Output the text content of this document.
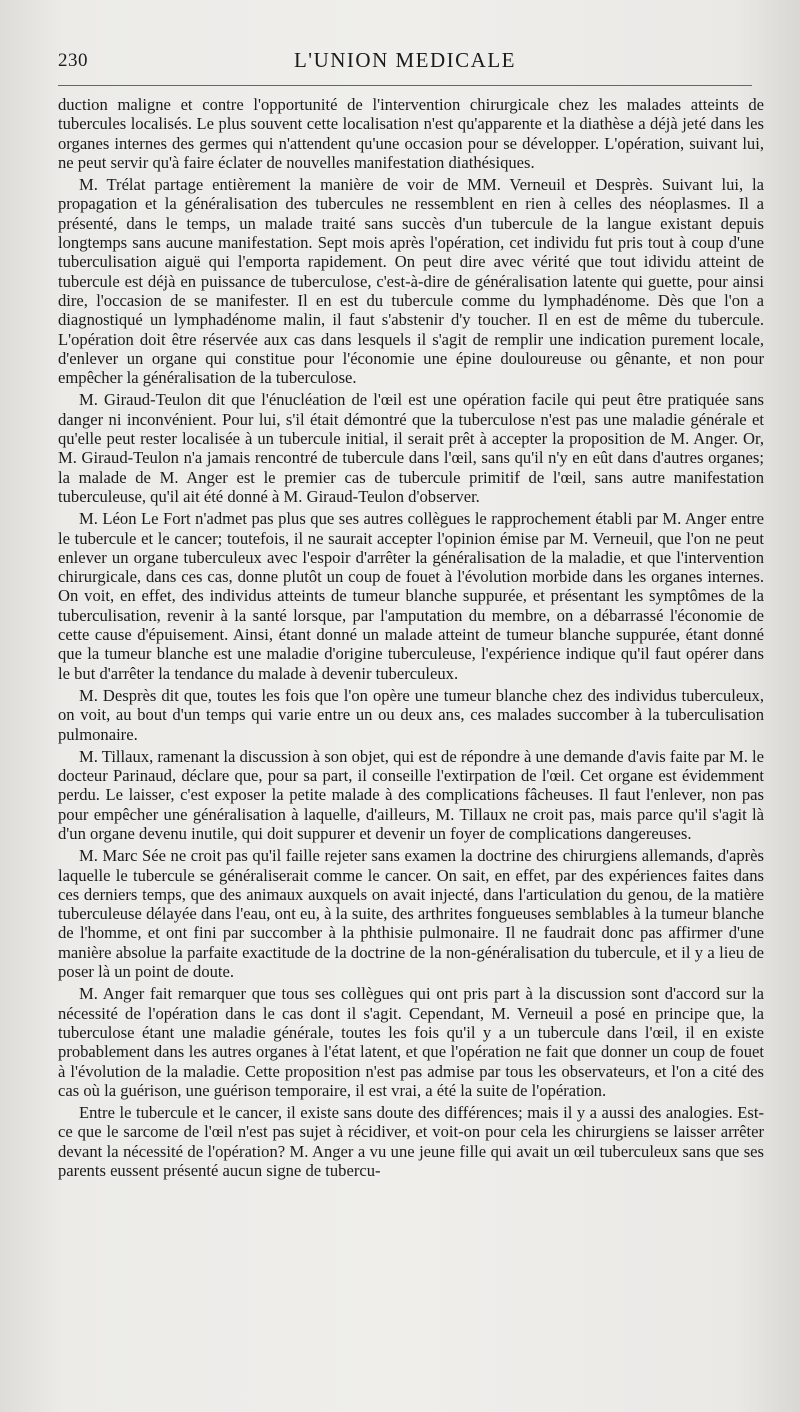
230	L'UNION MEDICALE

duction maligne et contre l'opportunité de l'intervention chirurgicale chez les malades atteints de tubercules localisés. Le plus souvent cette localisation n'est qu'apparente et la diathèse a déjà jeté dans les organes internes des germes qui n'attendent qu'une occasion pour se développer. L'opération, suivant lui, ne peut servir qu'à faire éclater de nouvelles manifestation diathésiques.

M. Trélat partage entièrement la manière de voir de MM. Verneuil et Desprès. Suivant lui, la propagation et la généralisation des tubercules ne ressemblent en rien à celles des néoplasmes. Il a présenté, dans le temps, un malade traité sans succès d'un tubercule de la langue existant depuis longtemps sans aucune manifestation. Sept mois après l'opération, cet individu fut pris tout à coup d'une tuberculisation aiguë qui l'emporta rapidement. On peut dire avec vérité que tout idividu atteint de tubercule est déjà en puissance de tuberculose, c'est-à-dire de généralisation latente qui guette, pour ainsi dire, l'occasion de se manifester. Il en est du tubercule comme du lymphadénome. Dès que l'on a diagnostiqué un lymphadénome malin, il faut s'abstenir d'y toucher. Il en est de même du tubercule. L'opération doit être réservée aux cas dans lesquels il s'agit de remplir une indication purement locale, d'enlever un organe qui constitue pour l'économie une épine douloureuse ou gênante, et non pour empêcher la généralisation de la tuberculose.

M. Giraud-Teulon dit que l'énucléation de l'œil est une opération facile qui peut être pratiquée sans danger ni inconvénient. Pour lui, s'il était démontré que la tuberculose n'est pas une maladie générale et qu'elle peut rester localisée à un tubercule initial, il serait prêt à accepter la proposition de M. Anger. Or, M. Giraud-Teulon n'a jamais rencontré de tubercule dans l'œil, sans qu'il n'y en eût dans d'autres organes; la malade de M. Anger est le premier cas de tubercule primitif de l'œil, sans autre manifestation tuberculeuse, qu'il ait été donné à M. Giraud-Teulon d'observer.

M. Léon Le Fort n'admet pas plus que ses autres collègues le rapprochement établi par M. Anger entre le tubercule et le cancer; toutefois, il ne saurait accepter l'opinion émise par M. Verneuil, que l'on ne peut enlever un organe tuberculeux avec l'espoir d'arrêter la généralisation de la maladie, et que l'intervention chirurgicale, dans ces cas, donne plutôt un coup de fouet à l'évolution morbide dans les organes internes. On voit, en effet, des individus atteints de tumeur blanche suppurée, et présentant les symptômes de la tuberculisation, revenir à la santé lorsque, par l'amputation du membre, on a débarrassé l'économie de cette cause d'épuisement. Ainsi, étant donné un malade atteint de tumeur blanche suppurée, étant donné que la tumeur blanche est une maladie d'origine tuberculeuse, l'expérience indique qu'il faut opérer dans le but d'arrêter la tendance du malade à devenir tuberculeux.

M. Desprès dit que, toutes les fois que l'on opère une tumeur blanche chez des individus tuberculeux, on voit, au bout d'un temps qui varie entre un ou deux ans, ces malades succomber à la tuberculisation pulmonaire.

M. Tillaux, ramenant la discussion à son objet, qui est de répondre à une demande d'avis faite par M. le docteur Parinaud, déclare que, pour sa part, il conseille l'extirpation de l'œil. Cet organe est évidemment perdu. Le laisser, c'est exposer la petite malade à des complications fâcheuses. Il faut l'enlever, non pas pour empêcher une généralisation à laquelle, d'ailleurs, M. Tillaux ne croit pas, mais parce qu'il s'agit là d'un organe devenu inutile, qui doit suppurer et devenir un foyer de complications dangereuses.

M. Marc Sée ne croit pas qu'il faille rejeter sans examen la doctrine des chirurgiens allemands, d'après laquelle le tubercule se généraliserait comme le cancer. On sait, en effet, par des expériences faites dans ces derniers temps, que des animaux auxquels on avait injecté, dans l'articulation du genou, de la matière tuberculeuse délayée dans l'eau, ont eu, à la suite, des arthrites fongueuses semblables à la tumeur blanche de l'homme, et ont fini par succomber à la phthisie pulmonaire. Il ne faudrait donc pas affirmer d'une manière absolue la parfaite exactitude de la doctrine de la non-généralisation du tubercule, et il y a lieu de poser là un point de doute.

M. Anger fait remarquer que tous ses collègues qui ont pris part à la discussion sont d'accord sur la nécessité de l'opération dans le cas dont il s'agit. Cependant, M. Verneuil a posé en principe que, la tuberculose étant une maladie générale, toutes les fois qu'il y a un tubercule dans l'œil, il en existe probablement dans les autres organes à l'état latent, et que l'opération ne fait que donner un coup de fouet à l'évolution de la maladie. Cette proposition n'est pas admise par tous les observateurs, et l'on a cité des cas où la guérison, une guérison temporaire, il est vrai, a été la suite de l'opération.

Entre le tubercule et le cancer, il existe sans doute des différences; mais il y a aussi des analogies. Est-ce que le sarcome de l'œil n'est pas sujet à récidiver, et voit-on pour cela les chirurgiens se laisser arrêter devant la nécessité de l'opération? M. Anger a vu une jeune fille qui avait un œil tuberculeux sans que ses parents eussent présenté aucun signe de tubercu-
